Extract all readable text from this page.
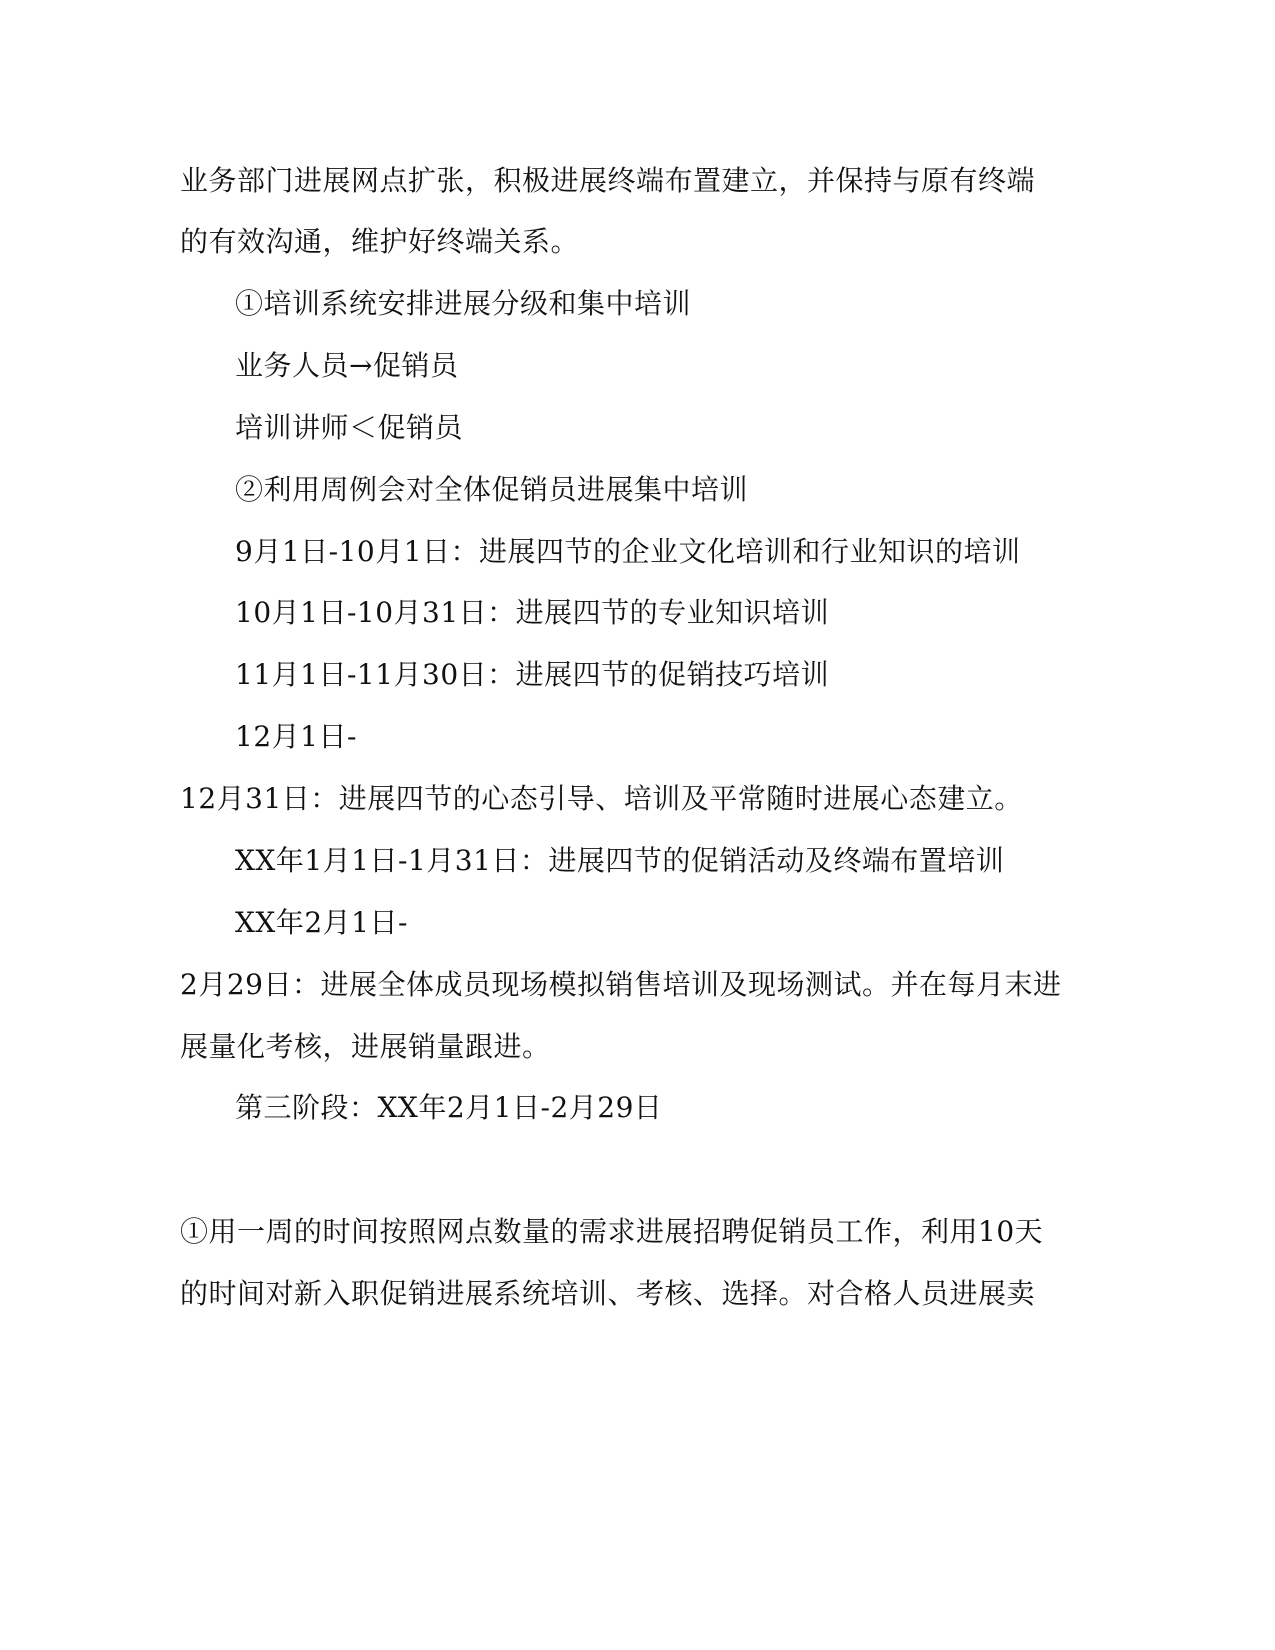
业务部门进展网点扩张，积极进展终端布置建立，并保持与原有终端
的有效沟通，维护好终端关系。
①培训系统安排进展分级和集中培训
业务人员→促销员
培训讲师＜促销员
②利用周例会对全体促销员进展集中培训
9月1日-10月1日：进展四节的企业文化培训和行业知识的培训
10月1日-10月31日：进展四节的专业知识培训
11月1日-11月30日：进展四节的促销技巧培训
12月1日-
12月31日：进展四节的心态引导、培训及平常随时进展心态建立。
XX年1月1日-1月31日：进展四节的促销活动及终端布置培训
XX年2月1日-
2月29日：进展全体成员现场模拟销售培训及现场测试。并在每月末进
展量化考核，进展销量跟进。
第三阶段：XX年2月1日-2月29日
①用一周的时间按照网点数量的需求进展招聘促销员工作，利用10天
的时间对新入职促销进展系统培训、考核、选择。对合格人员进展卖
